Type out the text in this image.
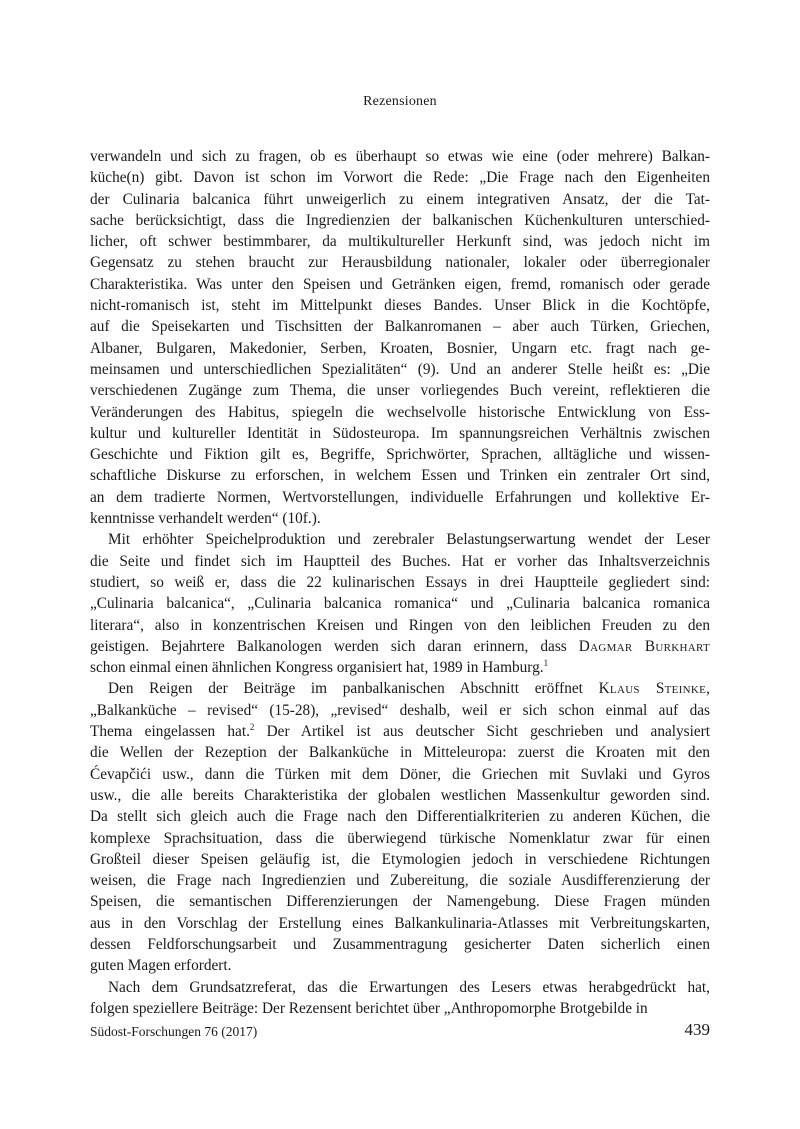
Rezensionen
verwandeln und sich zu fragen, ob es überhaupt so etwas wie eine (oder mehrere) Balkan-
küche(n) gibt. Davon ist schon im Vorwort die Rede: „Die Frage nach den Eigenheiten
der Culinaria balcanica führt unweigerlich zu einem integrativen Ansatz, der die Tat-
sache berücksichtigt, dass die Ingredienzien der balkanischen Küchenkulturen unterschied-
licher, oft schwer bestimmbarer, da multikultureller Herkunft sind, was jedoch nicht im
Gegensatz zu stehen braucht zur Herausbildung nationaler, lokaler oder überregionaler
Charakteristika. Was unter den Speisen und Getränken eigen, fremd, romanisch oder gerade
nicht-romanisch ist, steht im Mittelpunkt dieses Bandes. Unser Blick in die Kochtöpfe,
auf die Speisekarten und Tischsitten der Balkanromanen – aber auch Türken, Griechen,
Albaner, Bulgaren, Makedonier, Serben, Kroaten, Bosnier, Ungarn etc. fragt nach ge-
meinsamen und unterschiedlichen Spezialitäten“ (9). Und an anderer Stelle heißt es: „Die
verschiedenen Zugänge zum Thema, die unser vorliegendes Buch vereint, reflektieren die
Veränderungen des Habitus, spiegeln die wechselvolle historische Entwicklung von Ess-
kultur und kultureller Identität in Südosteuropa. Im spannungsreichen Verhältnis zwischen
Geschichte und Fiktion gilt es, Begriffe, Sprichwörter, Sprachen, alltägliche und wissen-
schaftliche Diskurse zu erforschen, in welchem Essen und Trinken ein zentraler Ort sind,
an dem tradierte Normen, Wertvorstellungen, individuelle Erfahrungen und kollektive Er-
kenntnisse verhandelt werden“ (10f.).
Mit erhöhter Speichelproduktion und zerebraler Belastungserwartung wendet der Leser
die Seite und findet sich im Hauptteil des Buches. Hat er vorher das Inhaltsverzeichnis
studiert, so weiß er, dass die 22 kulinarischen Essays in drei Hauptteile gegliedert sind:
„Culinaria balcanica“, „Culinaria balcanica romanica“ und „Culinaria balcanica romanica
literara“, also in konzentrischen Kreisen und Ringen von den leiblichen Freuden zu den
geistigen. Bejahrtere Balkanologen werden sich daran erinnern, dass Dagmar Burkhart
schon einmal einen ähnlichen Kongress organisiert hat, 1989 in Hamburg.$^1$
Den Reigen der Beiträge im panbalkanischen Abschnitt eröffnet Klaus Steinke,
„Balkanküche – revised“ (15-28), „revised“ deshalb, weil er sich schon einmal auf das
Thema eingelassen hat.$^2$ Der Artikel ist aus deutscher Sicht geschrieben und analysiert
die Wellen der Rezeption der Balkanküche in Mitteleuropa: zuerst die Kroaten mit den
Ćevapčići usw., dann die Türken mit dem Döner, die Griechen mit Suvlaki und Gyros
usw., die alle bereits Charakteristika der globalen westlichen Massenkultur geworden sind.
Da stellt sich gleich auch die Frage nach den Differentialkriterien zu anderen Küchen, die
komplexe Sprachsituation, dass die überwiegend türkische Nomenklatur zwar für einen
Großteil dieser Speisen geläufig ist, die Etymologien jedoch in verschiedene Richtungen
weisen, die Frage nach Ingredienzien und Zubereitung, die soziale Ausdifferenzierung der
Speisen, die semantischen Differenzierungen der Namengebung. Diese Fragen münden
aus in den Vorschlag der Erstellung eines Balkankulinaria-Atlasses mit Verbreitungskarten,
dessen Feldforschungsarbeit und Zusammentragung gesicherter Daten sicherlich einen
guten Magen erfordert.
Nach dem Grundsatzreferat, das die Erwartungen des Lesers etwas herabgedrückt hat,
folgen speziellere Beiträge: Der Rezensent berichtet über „Anthropomorphe Brotgebilde in
Südost-Forschungen 76 (2017)	439
